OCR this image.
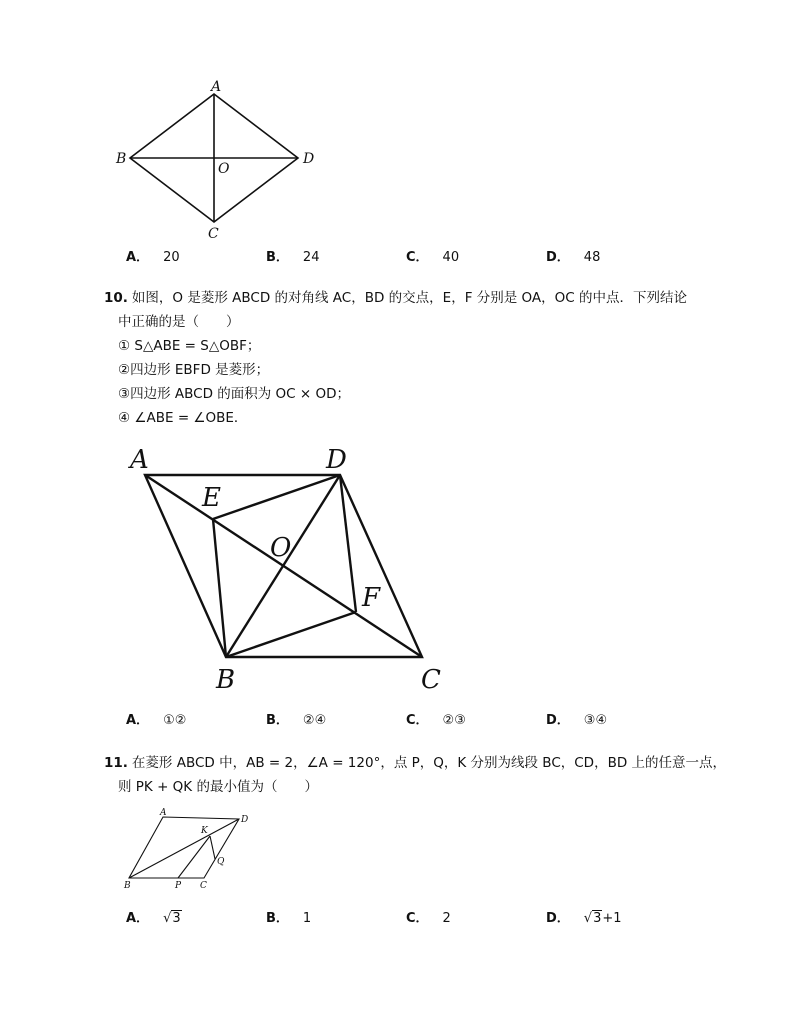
A
B	D
O
C
A． 20	B． 24	C． 40	D． 48
10. 如图，O 是菱形 ABCD 的对角线 AC，BD 的交点，E，F 分别是 OA，OC 的中点．下列结论
中正确的是（　　）
① S△ABE = S△OBF；
②四边形 EBFD 是菱形；
③四边形 ABCD 的面积为 OC × OD；
④ ∠ABE = ∠OBE．
A	D
E
O
F
B	C
A． ①②	B． ②④	C． ②③	D． ③④
11. 在菱形 ABCD 中，AB = 2，∠A = 120°，点 P，Q，K 分别为线段 BC，CD，BD 上的任意一点，
则 PK + QK 的最小值为（　　）
A
D
K
Q
B	P C
A． √3	B． 1	C． 2	D． √3+1
